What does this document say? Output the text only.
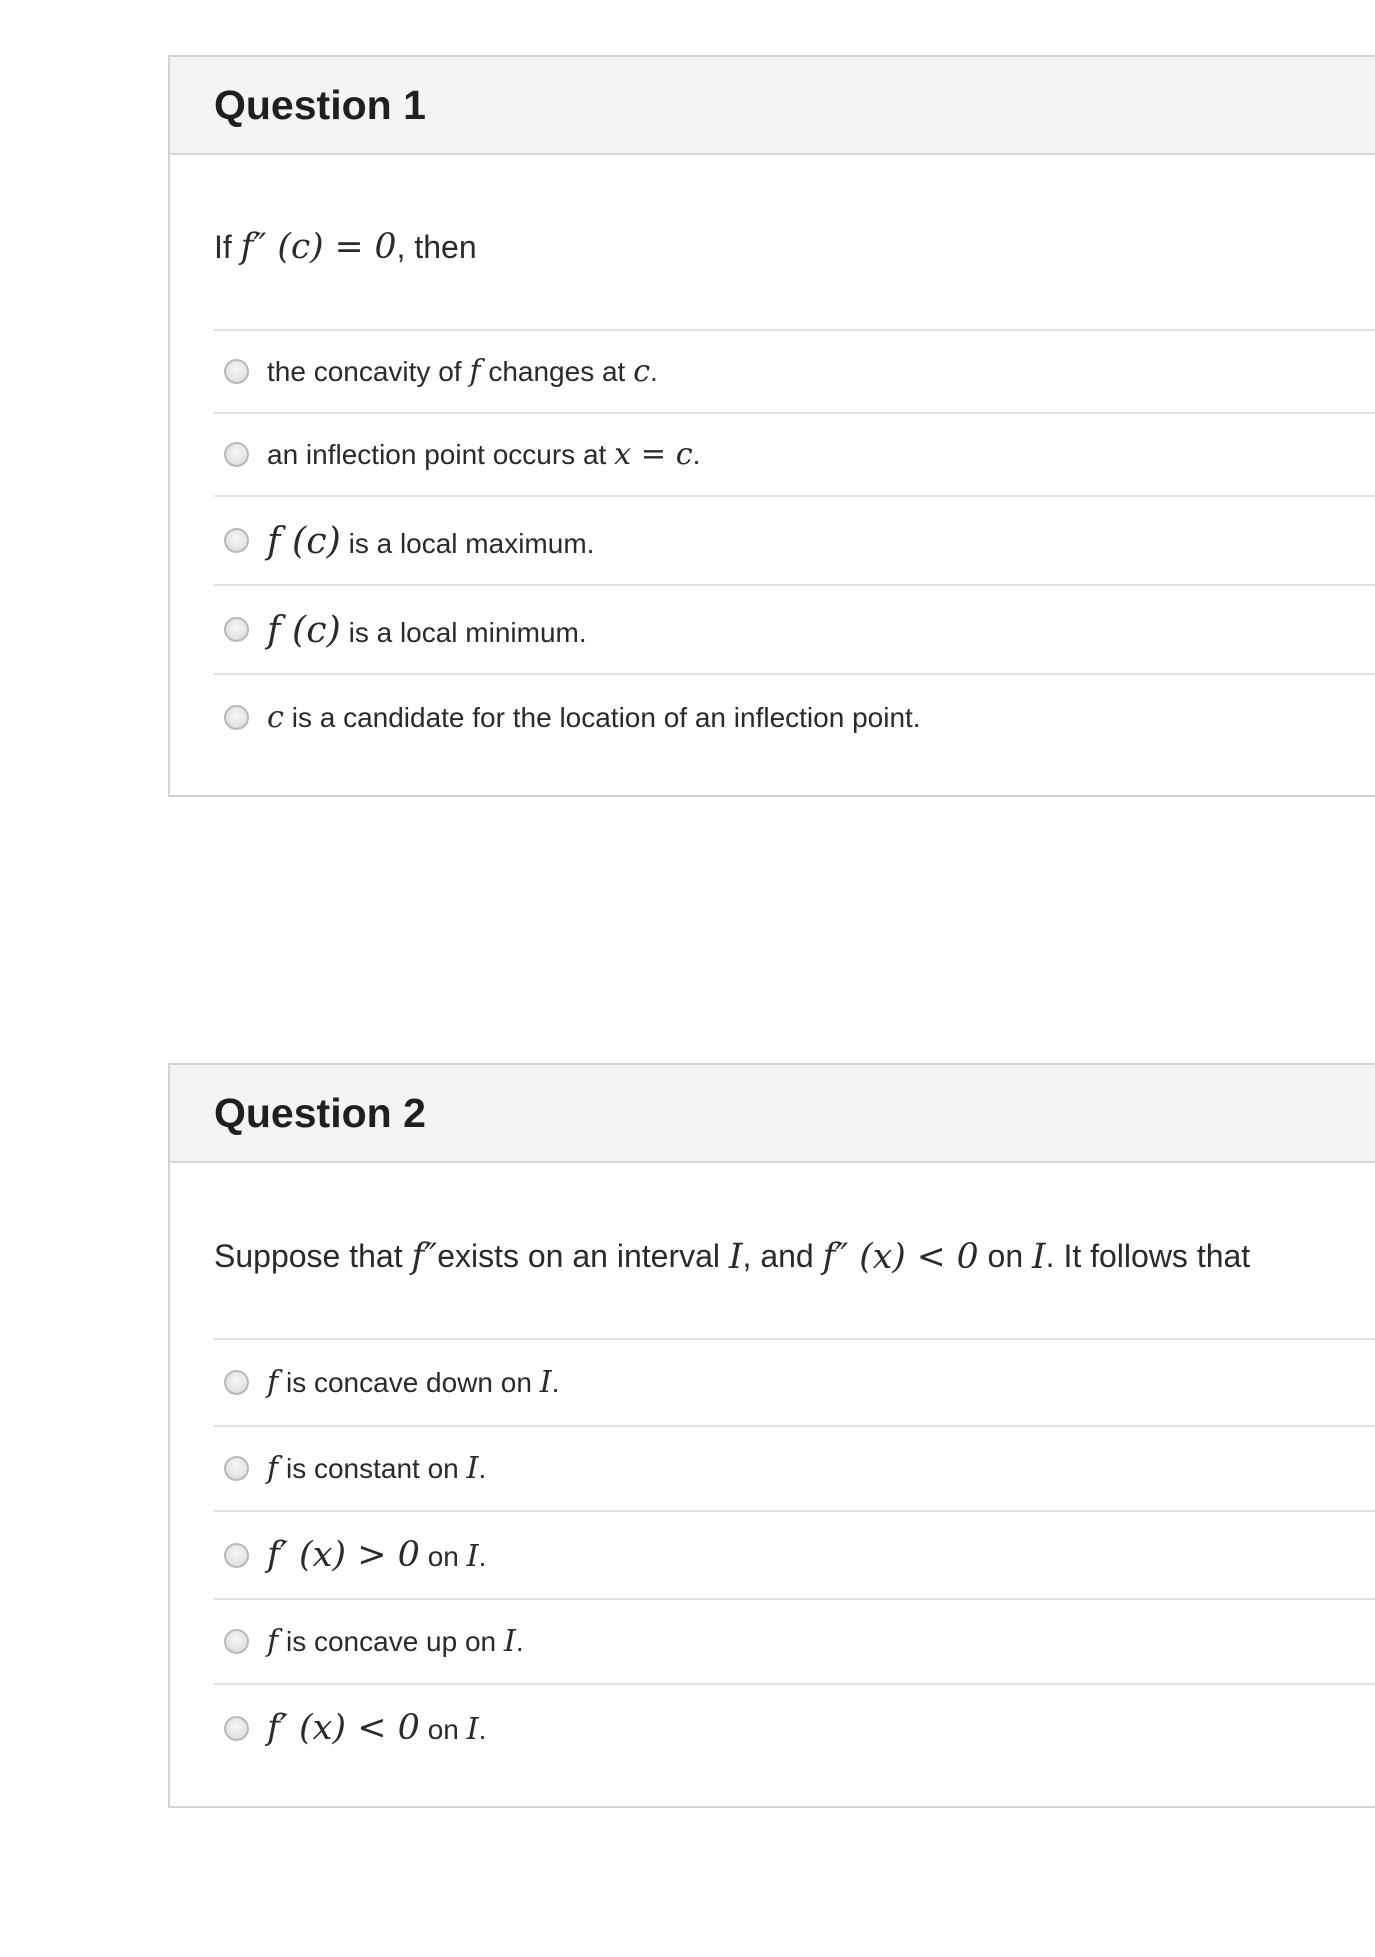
Question 1
If f″ (c) = 0 , then
the concavity of f changes at c.
an inflection point occurs at x = c.
f (c) is a local maximum.
f (c) is a local minimum.
c is a candidate for the location of an inflection point.
Question 2
Suppose that f″ exists on an interval I , and f″ (x) < 0 on I . It follows that
f is concave down on I.
f is constant on I.
f′ (x) > 0 on I.
f is concave up on I.
f′ (x) < 0 on I.
